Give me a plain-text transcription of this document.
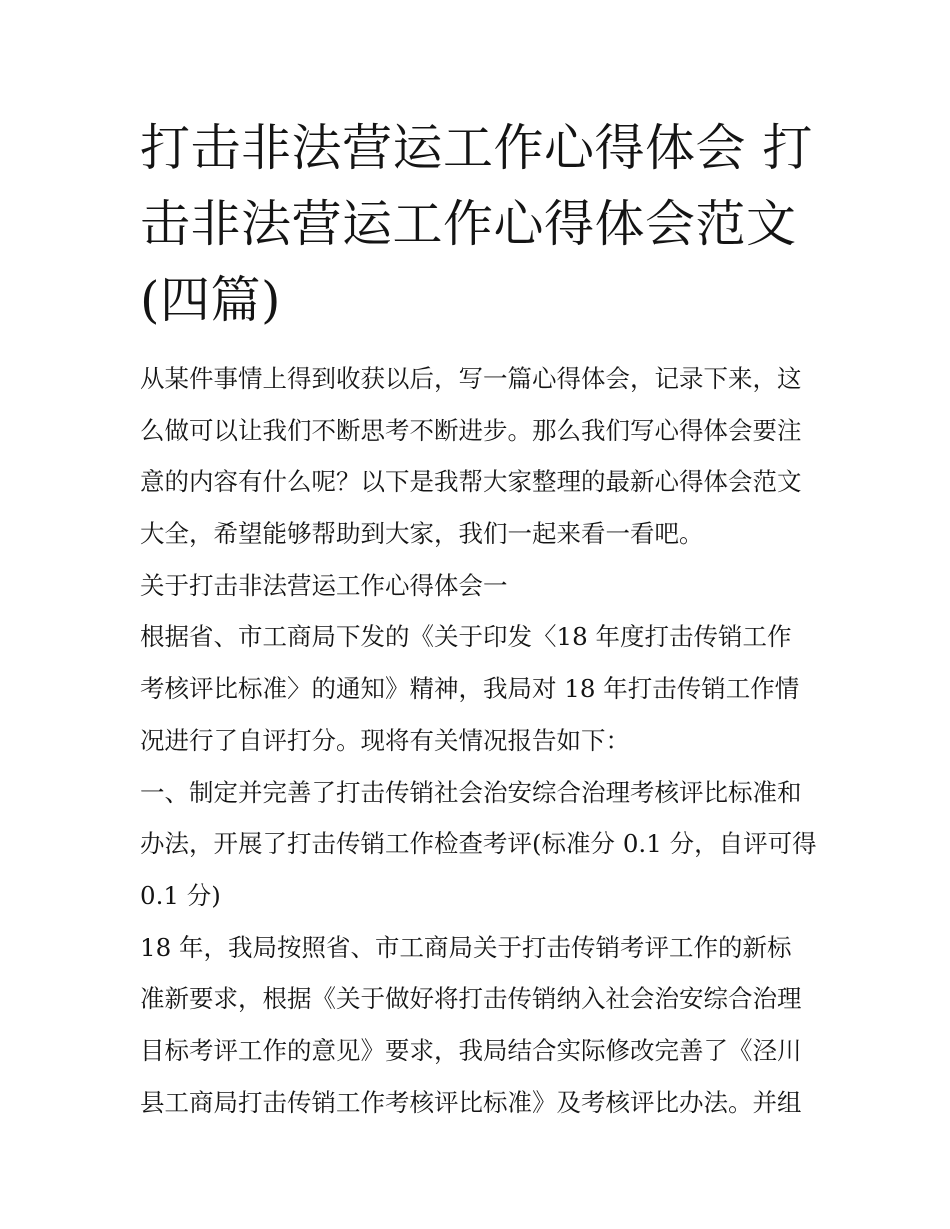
打击非法营运工作心得体会 打
击非法营运工作心得体会范文
(四篇)
从某件事情上得到收获以后，写一篇心得体会，记录下来，这
么做可以让我们不断思考不断进步。那么我们写心得体会要注
意的内容有什么呢？以下是我帮大家整理的最新心得体会范文
大全，希望能够帮助到大家，我们一起来看一看吧。
关于打击非法营运工作心得体会一
根据省、市工商局下发的《关于印发〈18 年度打击传销工作
考核评比标准〉的通知》精神，我局对 18 年打击传销工作情
况进行了自评打分。现将有关情况报告如下：
一、制定并完善了打击传销社会治安综合治理考核评比标准和
办法，开展了打击传销工作检查考评(标准分 0.1 分，自评可得
0.1 分)
18 年，我局按照省、市工商局关于打击传销考评工作的新标
准新要求，根据《关于做好将打击传销纳入社会治安综合治理
目标考评工作的意见》要求，我局结合实际修改完善了《泾川
县工商局打击传销工作考核评比标准》及考核评比办法。并组
